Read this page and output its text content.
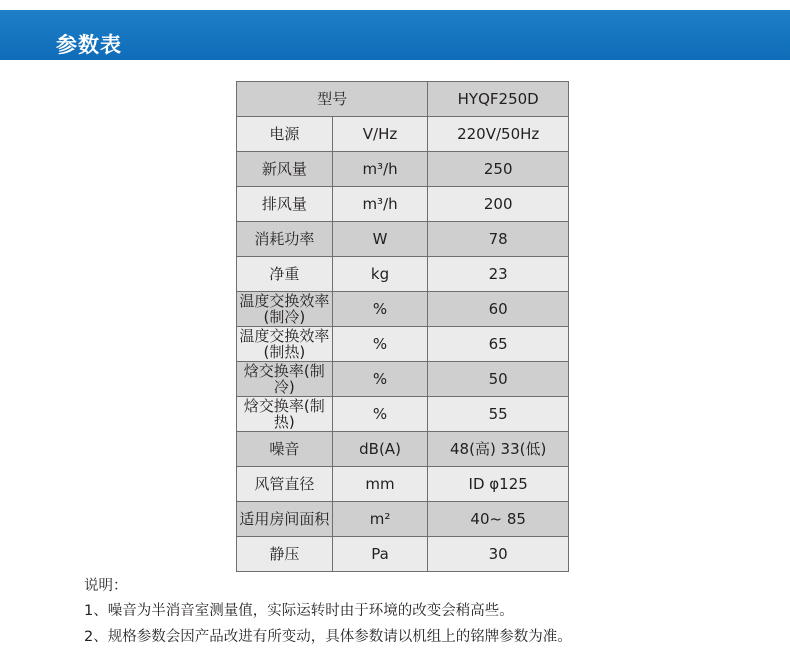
参数表
型号		HYQF250D
电源	V/Hz	220V/50Hz
新风量	m³/h	250
排风量	m³/h	200
消耗功率	W	78
净重	kg	23
温度交换效率(制冷)	%	60
温度交换效率(制热)	%	65
焓交换率(制冷)	%	50
焓交换率(制热)	%	55
噪音	dB(A)	48(高) 33(低)
风管直径	mm	ID φ125
适用房间面积	m²	40~ 85
静压	Pa	30
说明：
1、噪音为半消音室测量值，实际运转时由于环境的改变会稍高些。
2、规格参数会因产品改进有所变动，具体参数请以机组上的铭牌参数为准。
